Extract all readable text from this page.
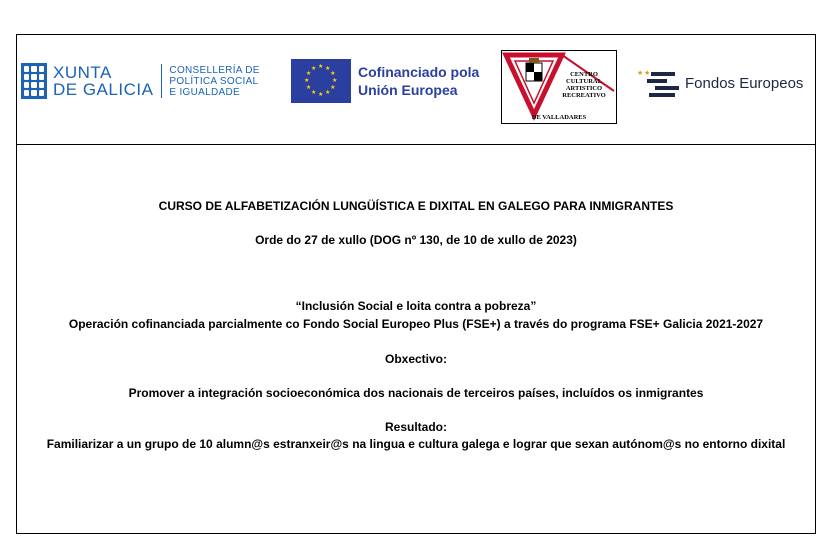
XUNTA
DE GALICIA
CONSELLERÍA DE
POLÍTICA SOCIAL
E IGUALDADE
★ ★
★
★
★
★
★
★
★
★
★
★	Cofinanciado pola
Unión Europea
CENTRO
CULTURAL
ARTISTICO
RECREATIVO
DE VALLADARES
★ ★
Fondos Europeos
CURSO DE ALFABETIZACIÓN LUNGÜÍSTICA E DIXITAL EN GALEGO PARA INMIGRANTES
Orde do 27 de xullo (DOG nº 130, de 10 de xullo de 2023)
“Inclusión Social e loita contra a pobreza”
Operación cofinanciada parcialmente co Fondo Social Europeo Plus (FSE+) a través do programa FSE+ Galicia 2021-2027
Obxectivo:
Promover a integración socioeconómica dos nacionais de terceiros países, incluídos os inmigrantes
Resultado:
Familiarizar a un grupo de 10 alumn@s estranxeir@s na lingua e cultura galega e lograr que sexan autónom@s no entorno dixital
